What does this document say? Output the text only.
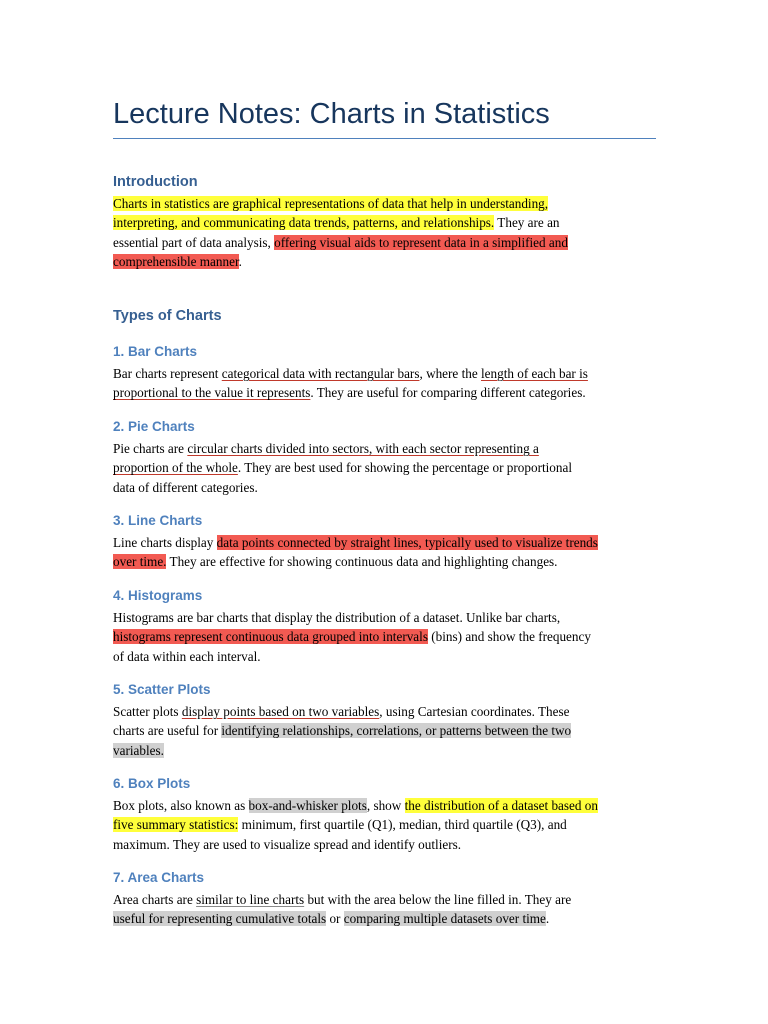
Lecture Notes: Charts in Statistics
Introduction
Charts in statistics are graphical representations of data that help in understanding,
interpreting, and communicating data trends, patterns, and relationships. They are an
essential part of data analysis, offering visual aids to represent data in a simplified and
comprehensible manner.
Types of Charts
1. Bar Charts
Bar charts represent categorical data with rectangular bars, where the length of each bar is
proportional to the value it represents. They are useful for comparing different categories.
2. Pie Charts
Pie charts are circular charts divided into sectors, with each sector representing a
proportion of the whole. They are best used for showing the percentage or proportional
data of different categories.
3. Line Charts
Line charts display data points connected by straight lines, typically used to visualize trends
over time. They are effective for showing continuous data and highlighting changes.
4. Histograms
Histograms are bar charts that display the distribution of a dataset. Unlike bar charts,
histograms represent continuous data grouped into intervals (bins) and show the frequency
of data within each interval.
5. Scatter Plots
Scatter plots display points based on two variables, using Cartesian coordinates. These
charts are useful for identifying relationships, correlations, or patterns between the two
variables.
6. Box Plots
Box plots, also known as box-and-whisker plots, show the distribution of a dataset based on
five summary statistics: minimum, first quartile (Q1), median, third quartile (Q3), and
maximum. They are used to visualize spread and identify outliers.
7. Area Charts
Area charts are similar to line charts but with the area below the line filled in. They are
useful for representing cumulative totals or comparing multiple datasets over time.
